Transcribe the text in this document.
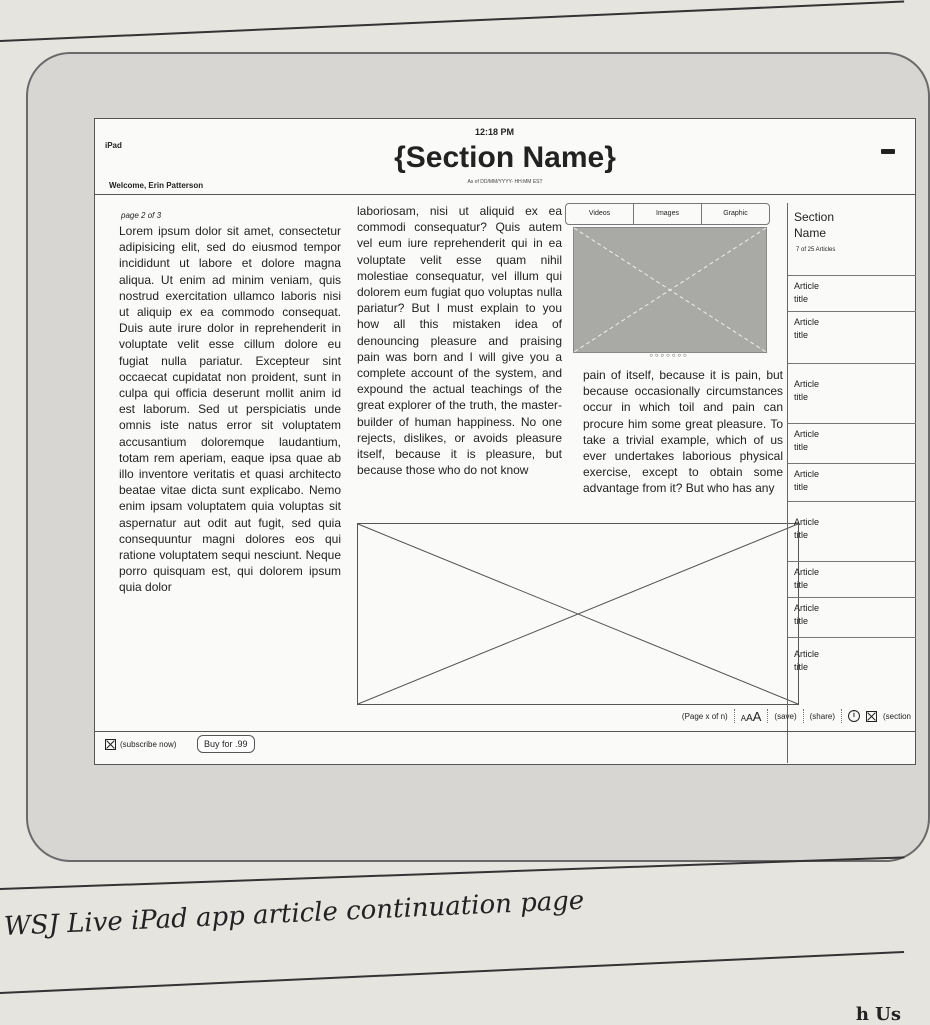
iPad
12:18 PM
Welcome, Erin Patterson
{Section Name}
As of DD/MM/YYYY- HH:MM EST
page 2 of 3
Lorem ipsum dolor sit amet, consectetur adipisicing elit, sed do eiusmod tempor incididunt ut labore et dolore magna aliqua. Ut enim ad minim veniam, quis nostrud exercitation ullamco laboris nisi ut aliquip ex ea commodo consequat. Duis aute irure dolor in reprehenderit in voluptate velit esse cillum dolore eu fugiat nulla pariatur. Excepteur sint occaecat cupidatat non proident, sunt in culpa qui officia deserunt mollit anim id est laborum. Sed ut perspiciatis unde omnis iste natus error sit voluptatem accusantium doloremque laudantium, totam rem aperiam, eaque ipsa quae ab illo inventore veritatis et quasi architecto beatae vitae dicta sunt explicabo. Nemo enim ipsam voluptatem quia voluptas sit aspernatur aut odit aut fugit, sed quia consequuntur magni dolores eos qui ratione voluptatem sequi nesciunt. Neque porro quisquam est, qui dolorem ipsum quia dolor
laboriosam, nisi ut aliquid ex ea commodi consequatur? Quis autem vel eum iure reprehenderit qui in ea voluptate velit esse quam nihil molestiae consequatur, vel illum qui dolorem eum fugiat quo voluptas nulla pariatur? But I must explain to you how all this mistaken idea of denouncing pleasure and praising pain was born and I will give you a complete account of the system, and expound the actual teachings of the great explorer of the truth, the master-builder of human happiness. No one rejects, dislikes, or avoids pleasure itself, because it is pleasure, but because those who do not know
Videos	Images	Graphic
○○○○○○○
pain of itself, because it is pain, but because occasionally circumstances occur in which toil and pain can procure him some great pleasure. To take a trivial example, which of us ever undertakes laborious physical exercise, except to obtain some advantage from it? But who has any
Section
Name
7 of 25 Articles
Article
title
Article
title
Article
title
Article
title
Article
title
Article
title
Article
title
Article
title
Article
title
(Page x of n) AAA (save) (share)	i	(section
(subscribe now)	Buy for .99
WSJ Live iPad app article continuation page
h Us
